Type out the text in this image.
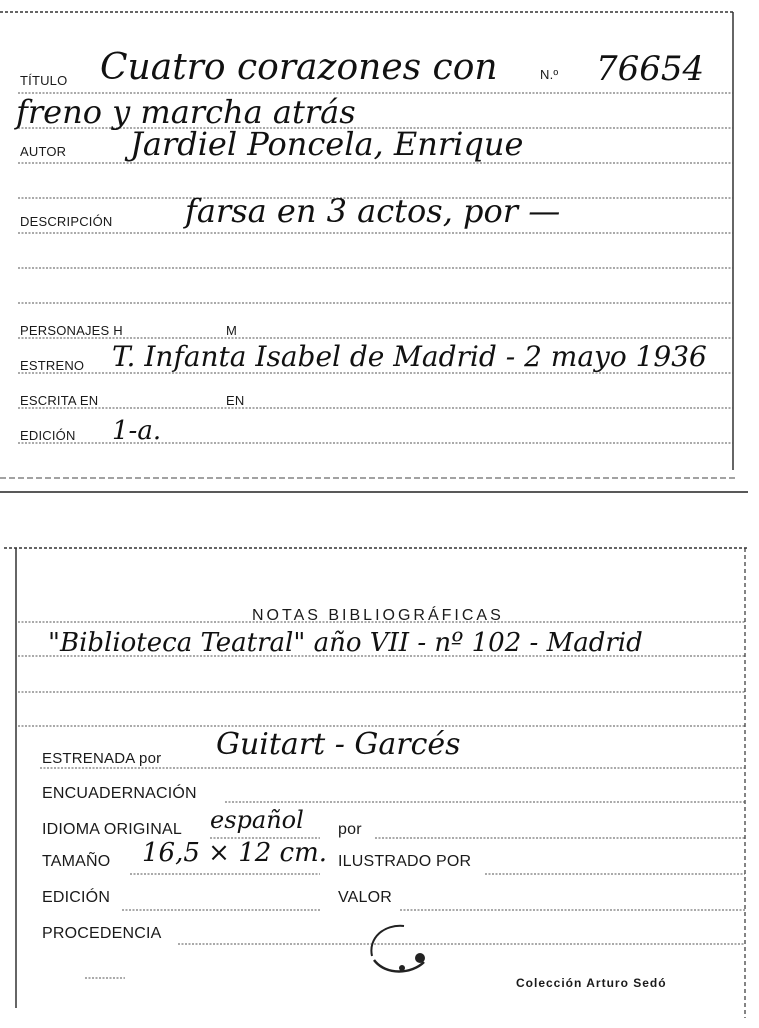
TÍTULO Cuatro corazones con	N.º 76654
freno y marcha atrás
AUTOR Jardiel Poncela, Enrique
DESCRIPCIÓN farsa en 3 actos, por —
PERSONAJES H	M
ESTRENO T. Infanta Isabel de Madrid - 2 mayo 1936
ESCRITA EN	EN
EDICIÓN 1-a.
NOTAS BIBLIOGRÁFICAS
"Biblioteca Teatral" año VII - nº 102 - Madrid
ESTRENADA por Guitart - Garcés
ENCUADERNACIÓN
IDIOMA ORIGINAL español por
TAMAÑO 16,5 × 12 cm. ILUSTRADO POR
EDICIÓN	VALOR
PROCEDENCIA
Colección Arturo Sedó
